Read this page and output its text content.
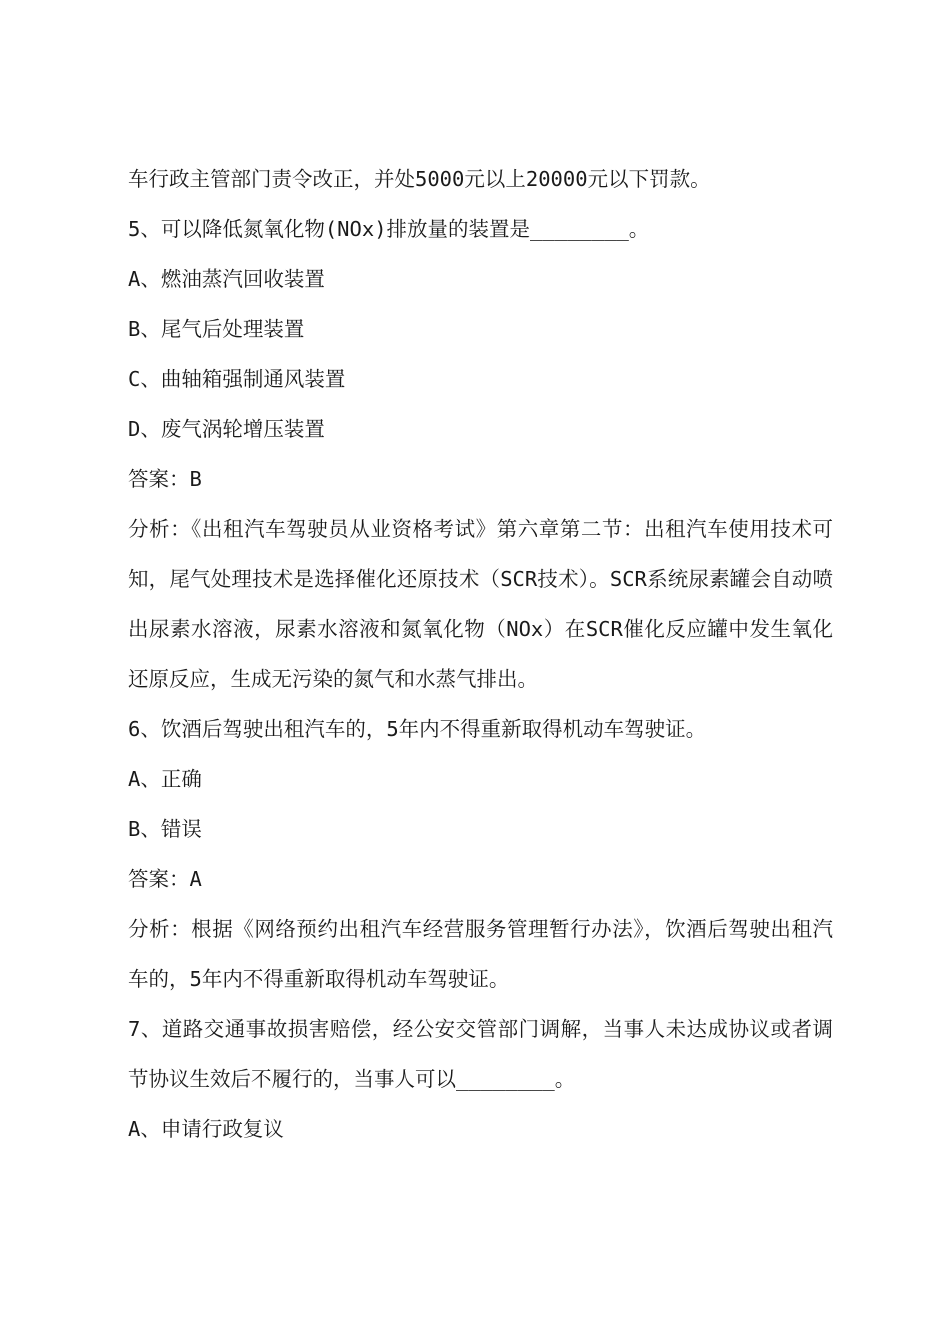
车行政主管部门责令改正，并处5000元以上20000元以下罚款。
5、可以降低氮氧化物(NOx)排放量的装置是________。
A、燃油蒸汽回收装置
B、尾气后处理装置
C、曲轴箱强制通风装置
D、废气涡轮增压装置
答案：B
分析：《出租汽车驾驶员从业资格考试》第六章第二节：出租汽车使用技术可知，尾气处理技术是选择催化还原技术（SCR技术）。SCR系统尿素罐会自动喷出尿素水溶液，尿素水溶液和氮氧化物（NOx）在SCR催化反应罐中发生氧化还原反应，生成无污染的氮气和水蒸气排出。
6、饮酒后驾驶出租汽车的，5年内不得重新取得机动车驾驶证。
A、正确
B、错误
答案：A
分析：根据《网络预约出租汽车经营服务管理暂行办法》，饮酒后驾驶出租汽车的，5年内不得重新取得机动车驾驶证。
7、道路交通事故损害赔偿，经公安交管部门调解，当事人未达成协议或者调节协议生效后不履行的，当事人可以________。
A、申请行政复议
